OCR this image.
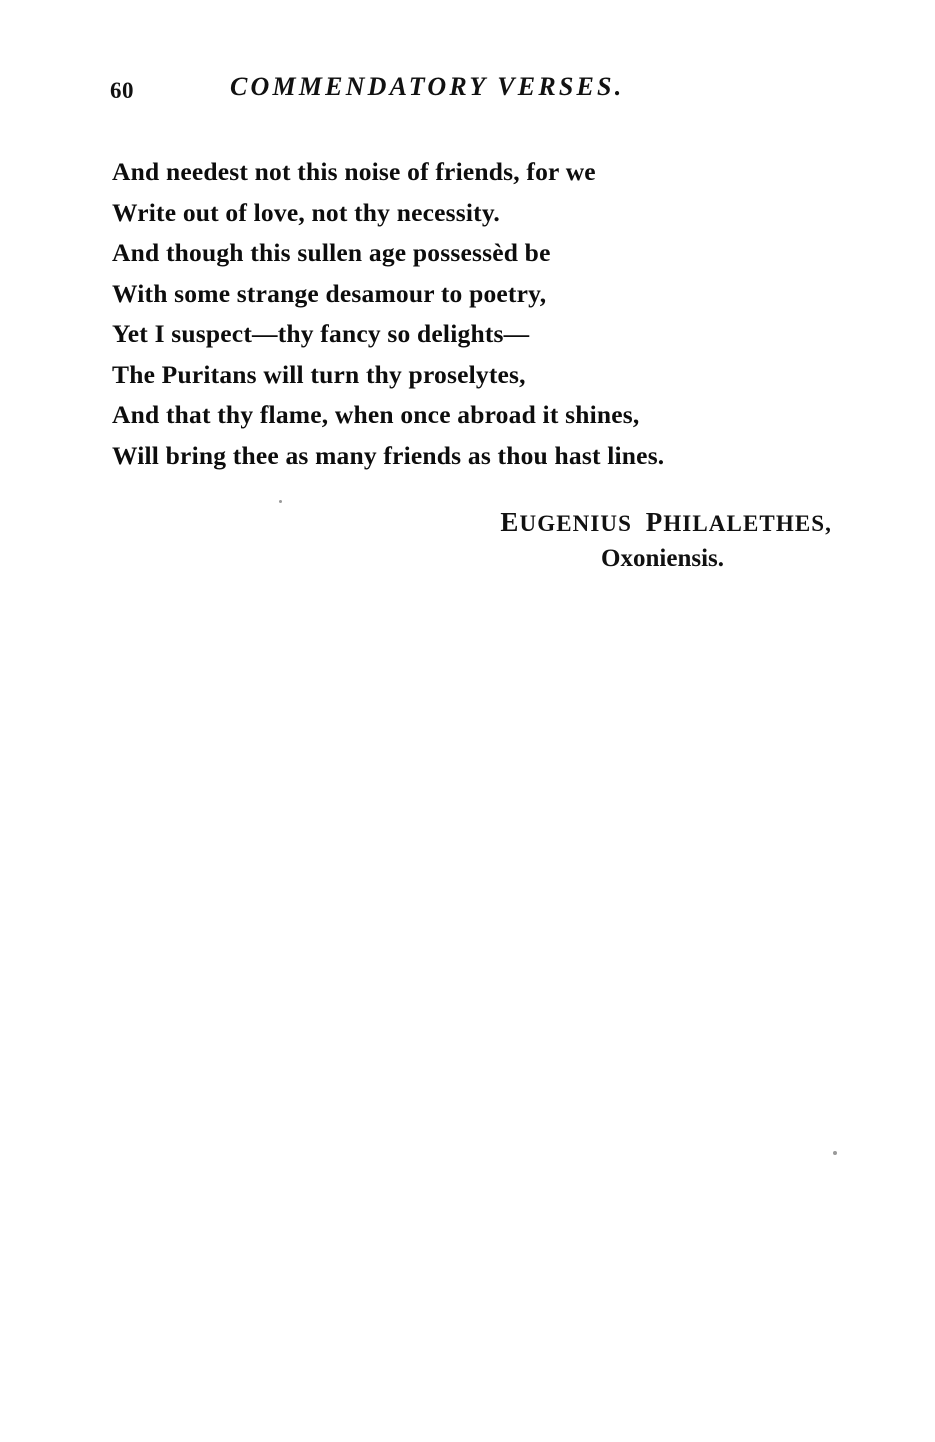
60	COMMENDATORY VERSES.
And needest not this noise of friends, for we
Write out of love, not thy necessity.
And though this sullen age possessèd be
With some strange desamour to poetry,
Yet I suspect—thy fancy so delights—
The Puritans will turn thy proselytes,
And that thy flame, when once abroad it shines,
Will bring thee as many friends as thou hast lines.
EUGENIUS PHILALETHES,
Oxoniensis.
